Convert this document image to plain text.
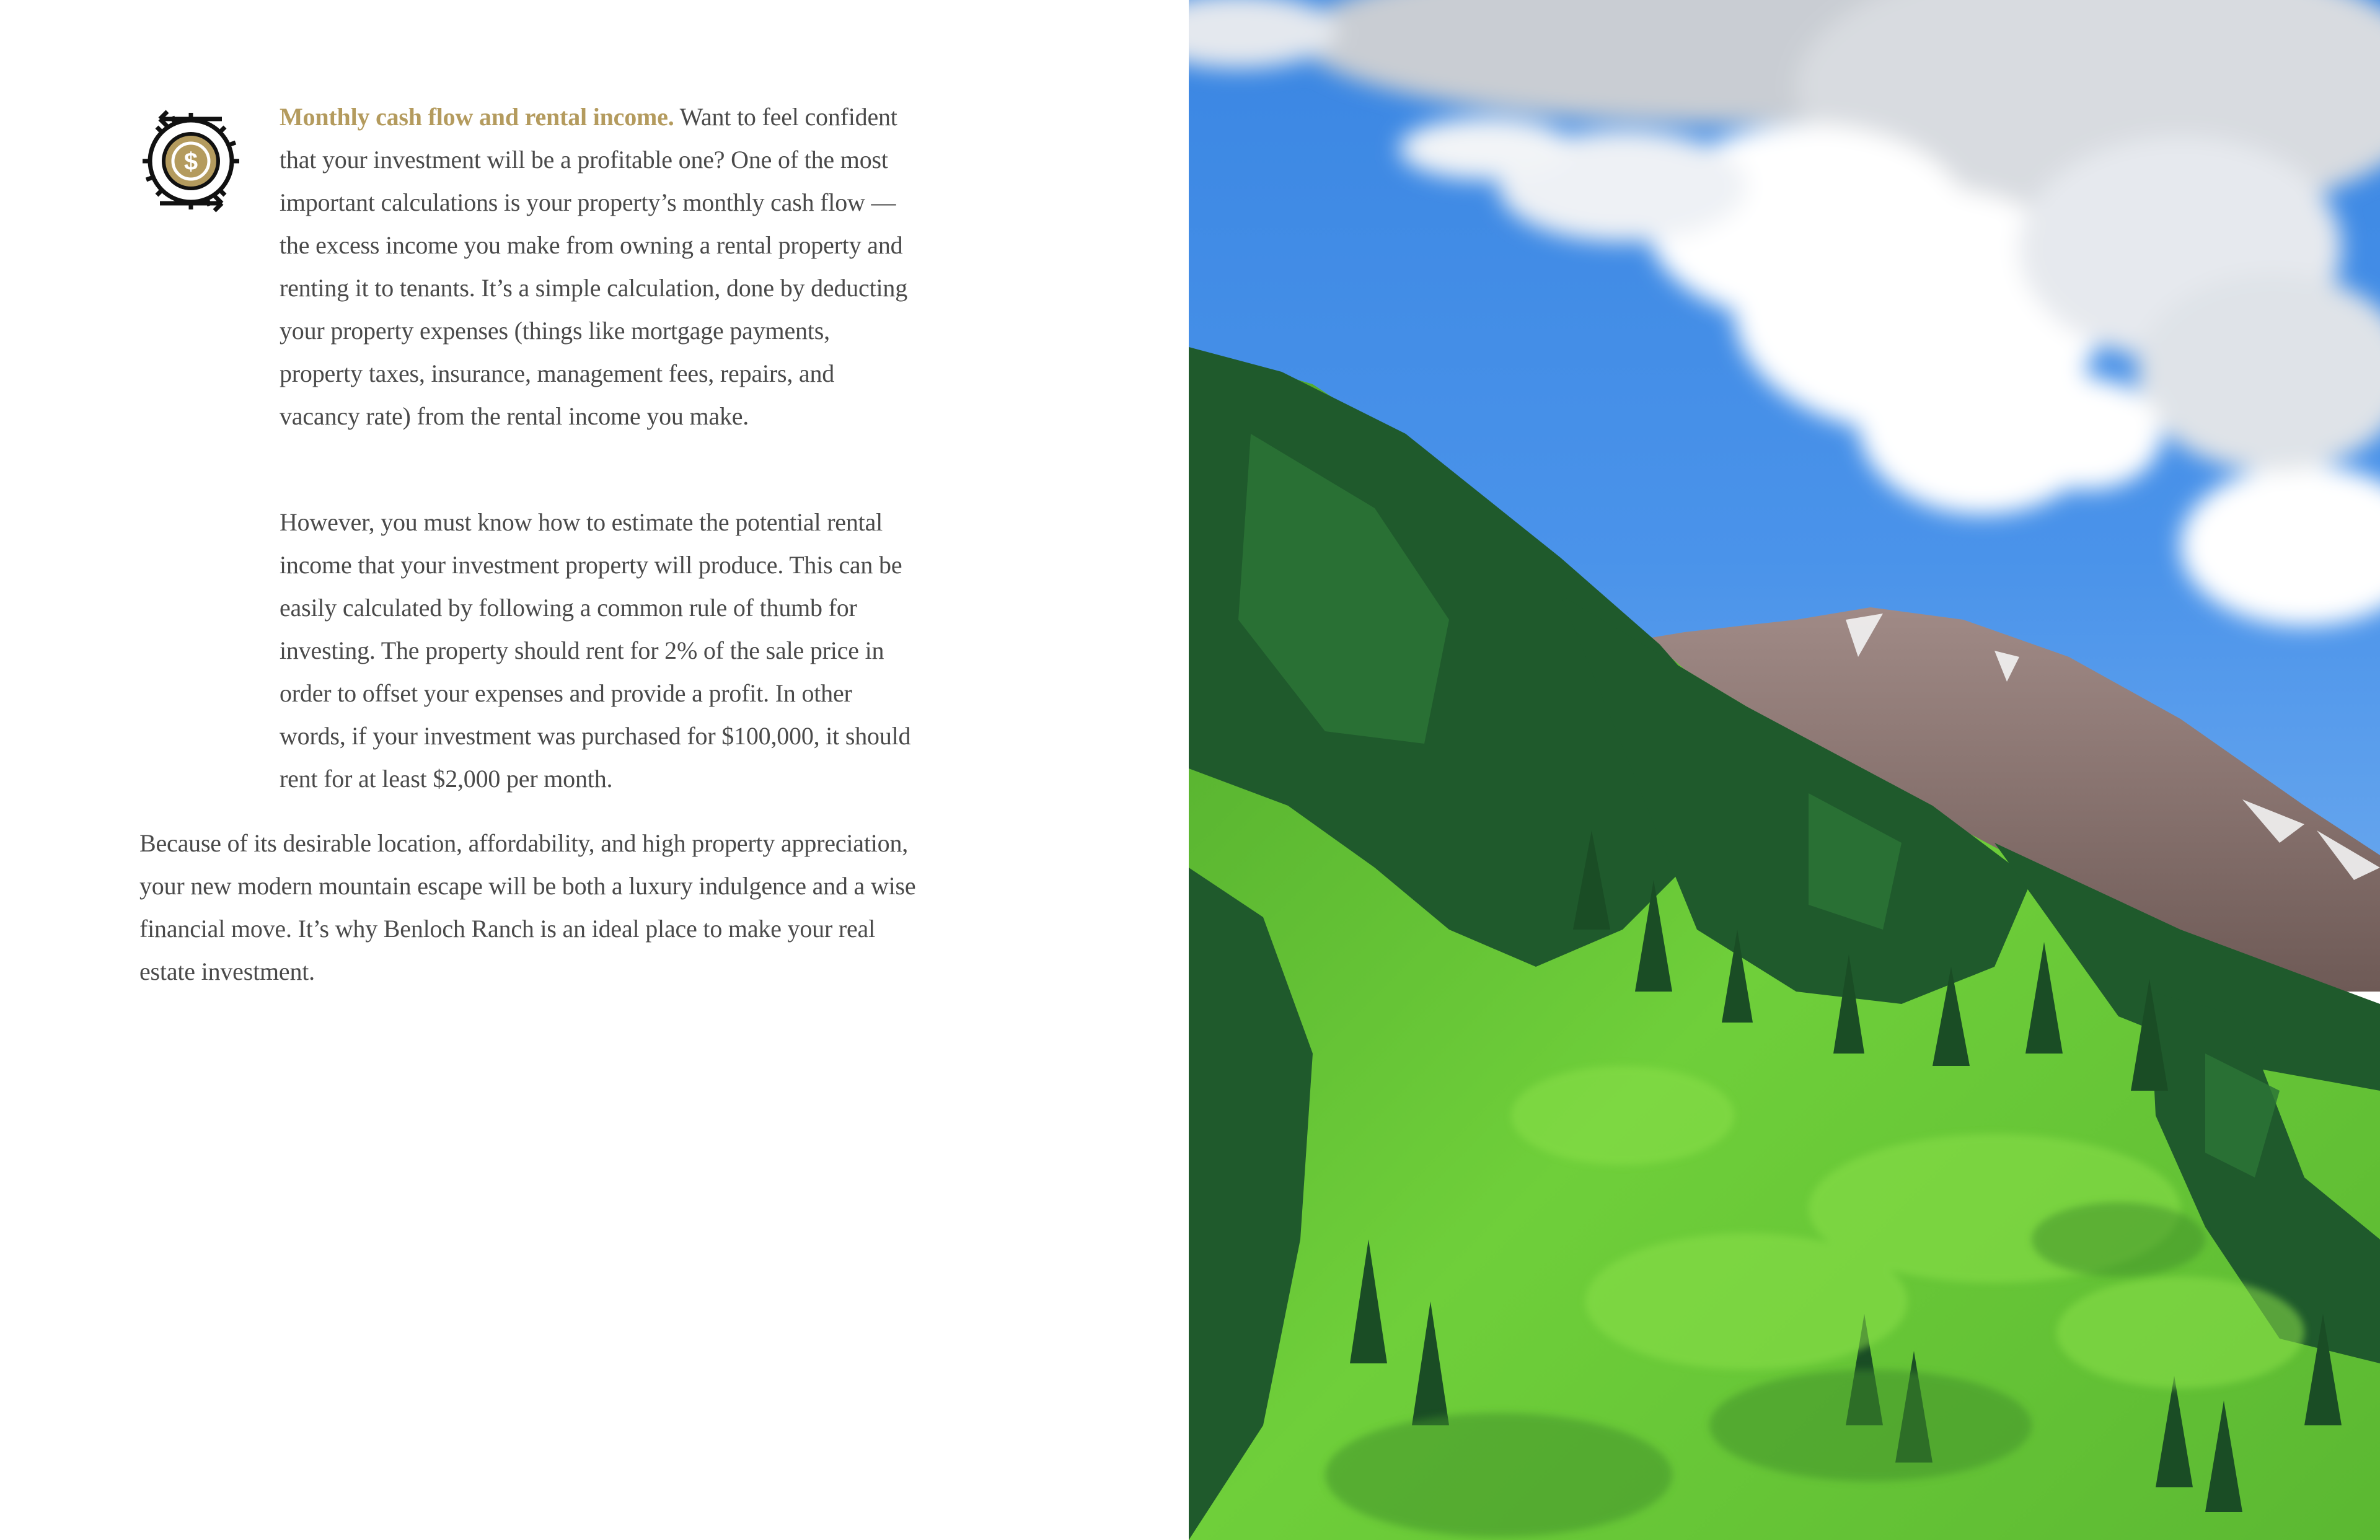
$

Monthly cash flow and rental income. Want to feel confident that your investment will be a profitable one? One of the most important calculations is your property’s monthly cash flow — the excess income you make from owning a rental property and renting it to tenants. It’s a simple calculation, done by deducting your property expenses (things like mortgage payments, property taxes, insurance, management fees, repairs, and vacancy rate) from the rental income you make.

However, you must know how to estimate the potential rental income that your investment property will produce. This can be easily calculated by following a common rule of thumb for investing. The property should rent for 2% of the sale price in order to offset your expenses and provide a profit. In other words, if your investment was purchased for $100,000, it should rent for at least $2,000 per month.

Because of its desirable location, affordability, and high property appreciation, your new modern mountain escape will be both a luxury indulgence and a wise financial move. It’s why Benloch Ranch is an ideal place to make your real estate investment.
